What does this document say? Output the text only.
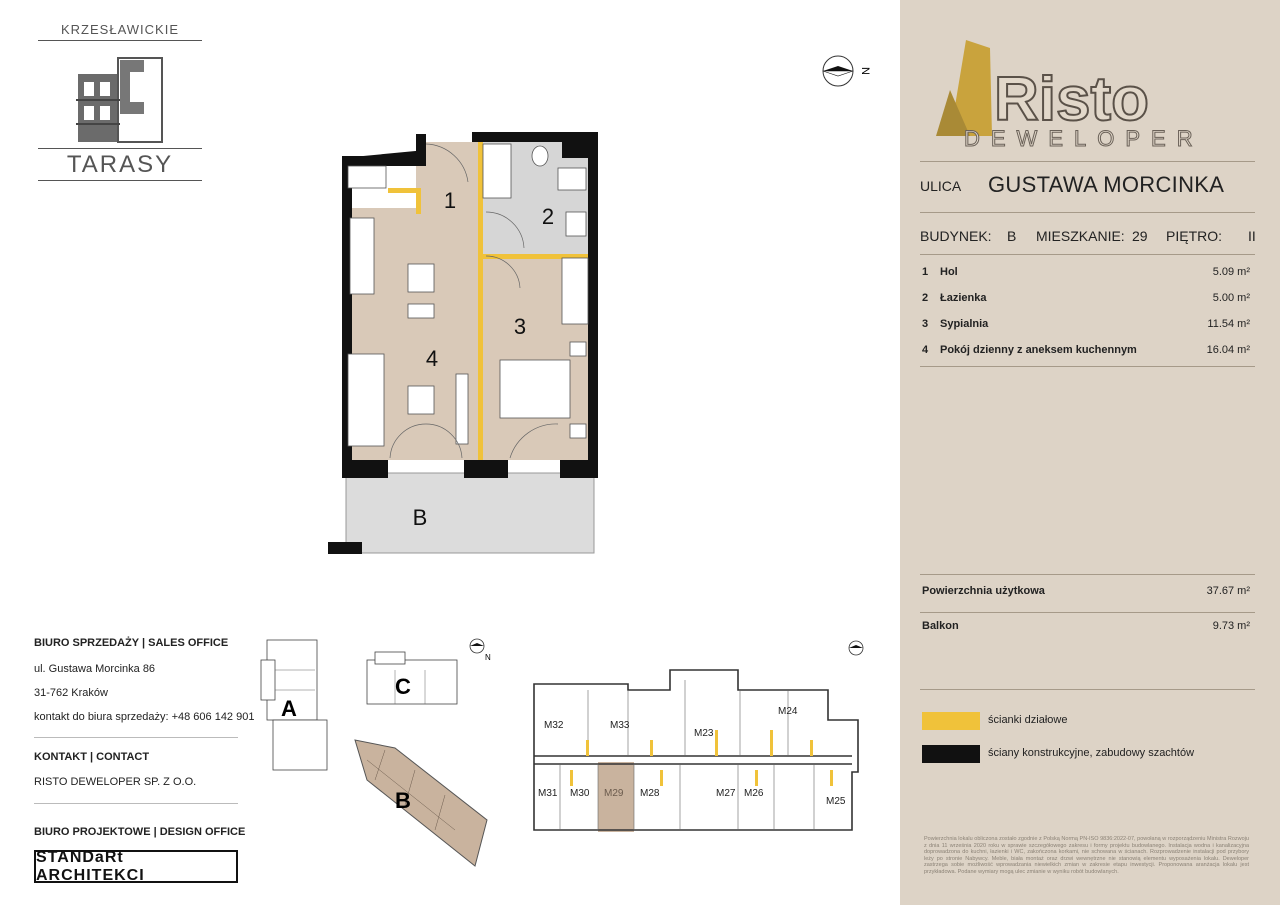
KRZESŁAWICKIE
TARASY
N
1
2
3
4
B
Risto
DEWELOPER
ULICA GUSTAWA MORCINKA
BUDYNEK: B MIESZKANIE: 29 PIĘTRO: II
1 Hol	5.09 m²
2 Łazienka	5.00 m²
3 Sypialnia	11.54 m²
4 Pokój dzienny z aneksem kuchennym	16.04 m²
Powierzchnia użytkowa	37.67 m²
Balkon	9.73 m²
ścianki działowe
ściany konstrukcyjne, zabudowy szachtów
Powierzchnia lokalu obliczona zostało zgodnie z Polską Normą PN-ISO 9836:2022-07, powołaną w rozporządzeniu Ministra Rozwoju z dnia 11 września 2020 roku w sprawie szczegółowego zakresu i formy projektu budowlanego. Instalacja wodna i kanalizacyjna doprowadzona do kuchni, łazienki i WC, zakończona korkami, nie schowana w ścianach. Rozprowadzenie instalacji pod przybory leży po stronie Nabywcy. Meble, biała montaż oraz drzwi wewnętrzne nie stanowią elementu wyposażenia lokalu. Deweloper zastrzega sobie możliwość wprowadzania niewielkich zmian w zakresie etapu inwestycji. Proponowana aranżacja lokalu jest przykładowa. Podane wymiary mogą ulec zmianie w wyniku robót budowlanych.
BIURO SPRZEDAŻY | SALES OFFICE
ul. Gustawa Morcinka 86
31-762 Kraków
kontakt do biura sprzedaży: +48 606 142 901
KONTAKT | CONTACT
RISTO DEWELOPER SP. Z O.O.
BIURO PROJEKTOWE | DESIGN OFFICE
STANDaRt ARCHITEKCI
A
B
C
N
M32	M33
M23
M24
M31 M30 M29 M28	M27 M26
M25
